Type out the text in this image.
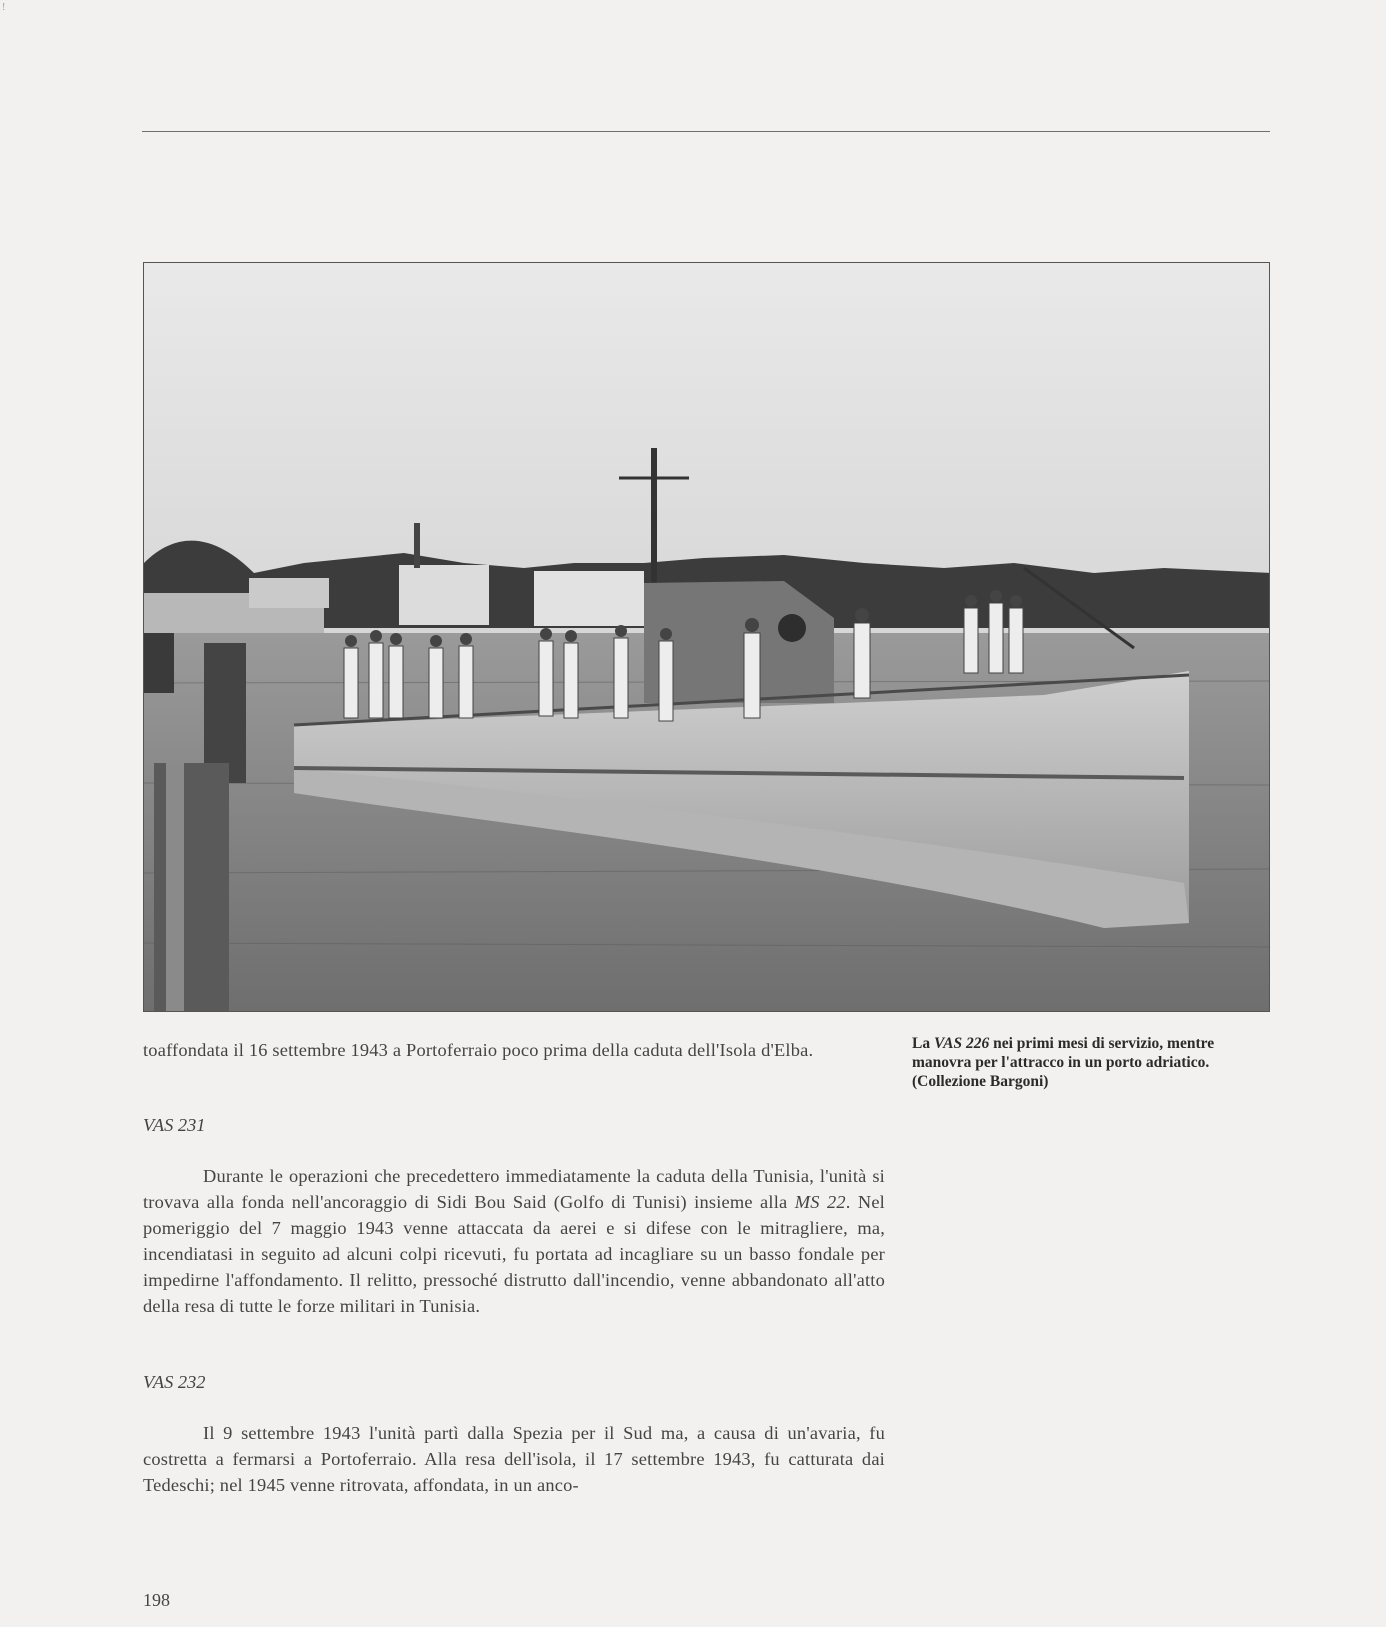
!
toaffondata il 16 settembre 1943 a Portoferraio poco prima della caduta dell'Isola d'Elba.	La VAS 226 nei primi mesi di servizio, mentre manovra per l'attracco in un porto adriatico. (Collezione Bargoni)
VAS 231
Durante le operazioni che precedettero immediatamente la caduta della Tunisia, l'unità si trovava alla fonda nell'ancoraggio di Sidi Bou Said (Golfo di Tunisi) insieme alla MS 22. Nel pomeriggio del 7 maggio 1943 venne attaccata da aerei e si difese con le mitragliere, ma, incendiatasi in seguito ad alcuni colpi ricevuti, fu portata ad incagliare su un basso fondale per impedirne l'affondamento. Il relitto, pressoché distrutto dall'incendio, venne abbandonato all'atto della resa di tutte le forze militari in Tunisia.
VAS 232
Il 9 settembre 1943 l'unità partì dalla Spezia per il Sud ma, a causa di un'avaria, fu costretta a fermarsi a Portoferraio. Alla resa dell'isola, il 17 settembre 1943, fu catturata dai Tedeschi; nel 1945 venne ritrovata, affondata, in un anco-
198
